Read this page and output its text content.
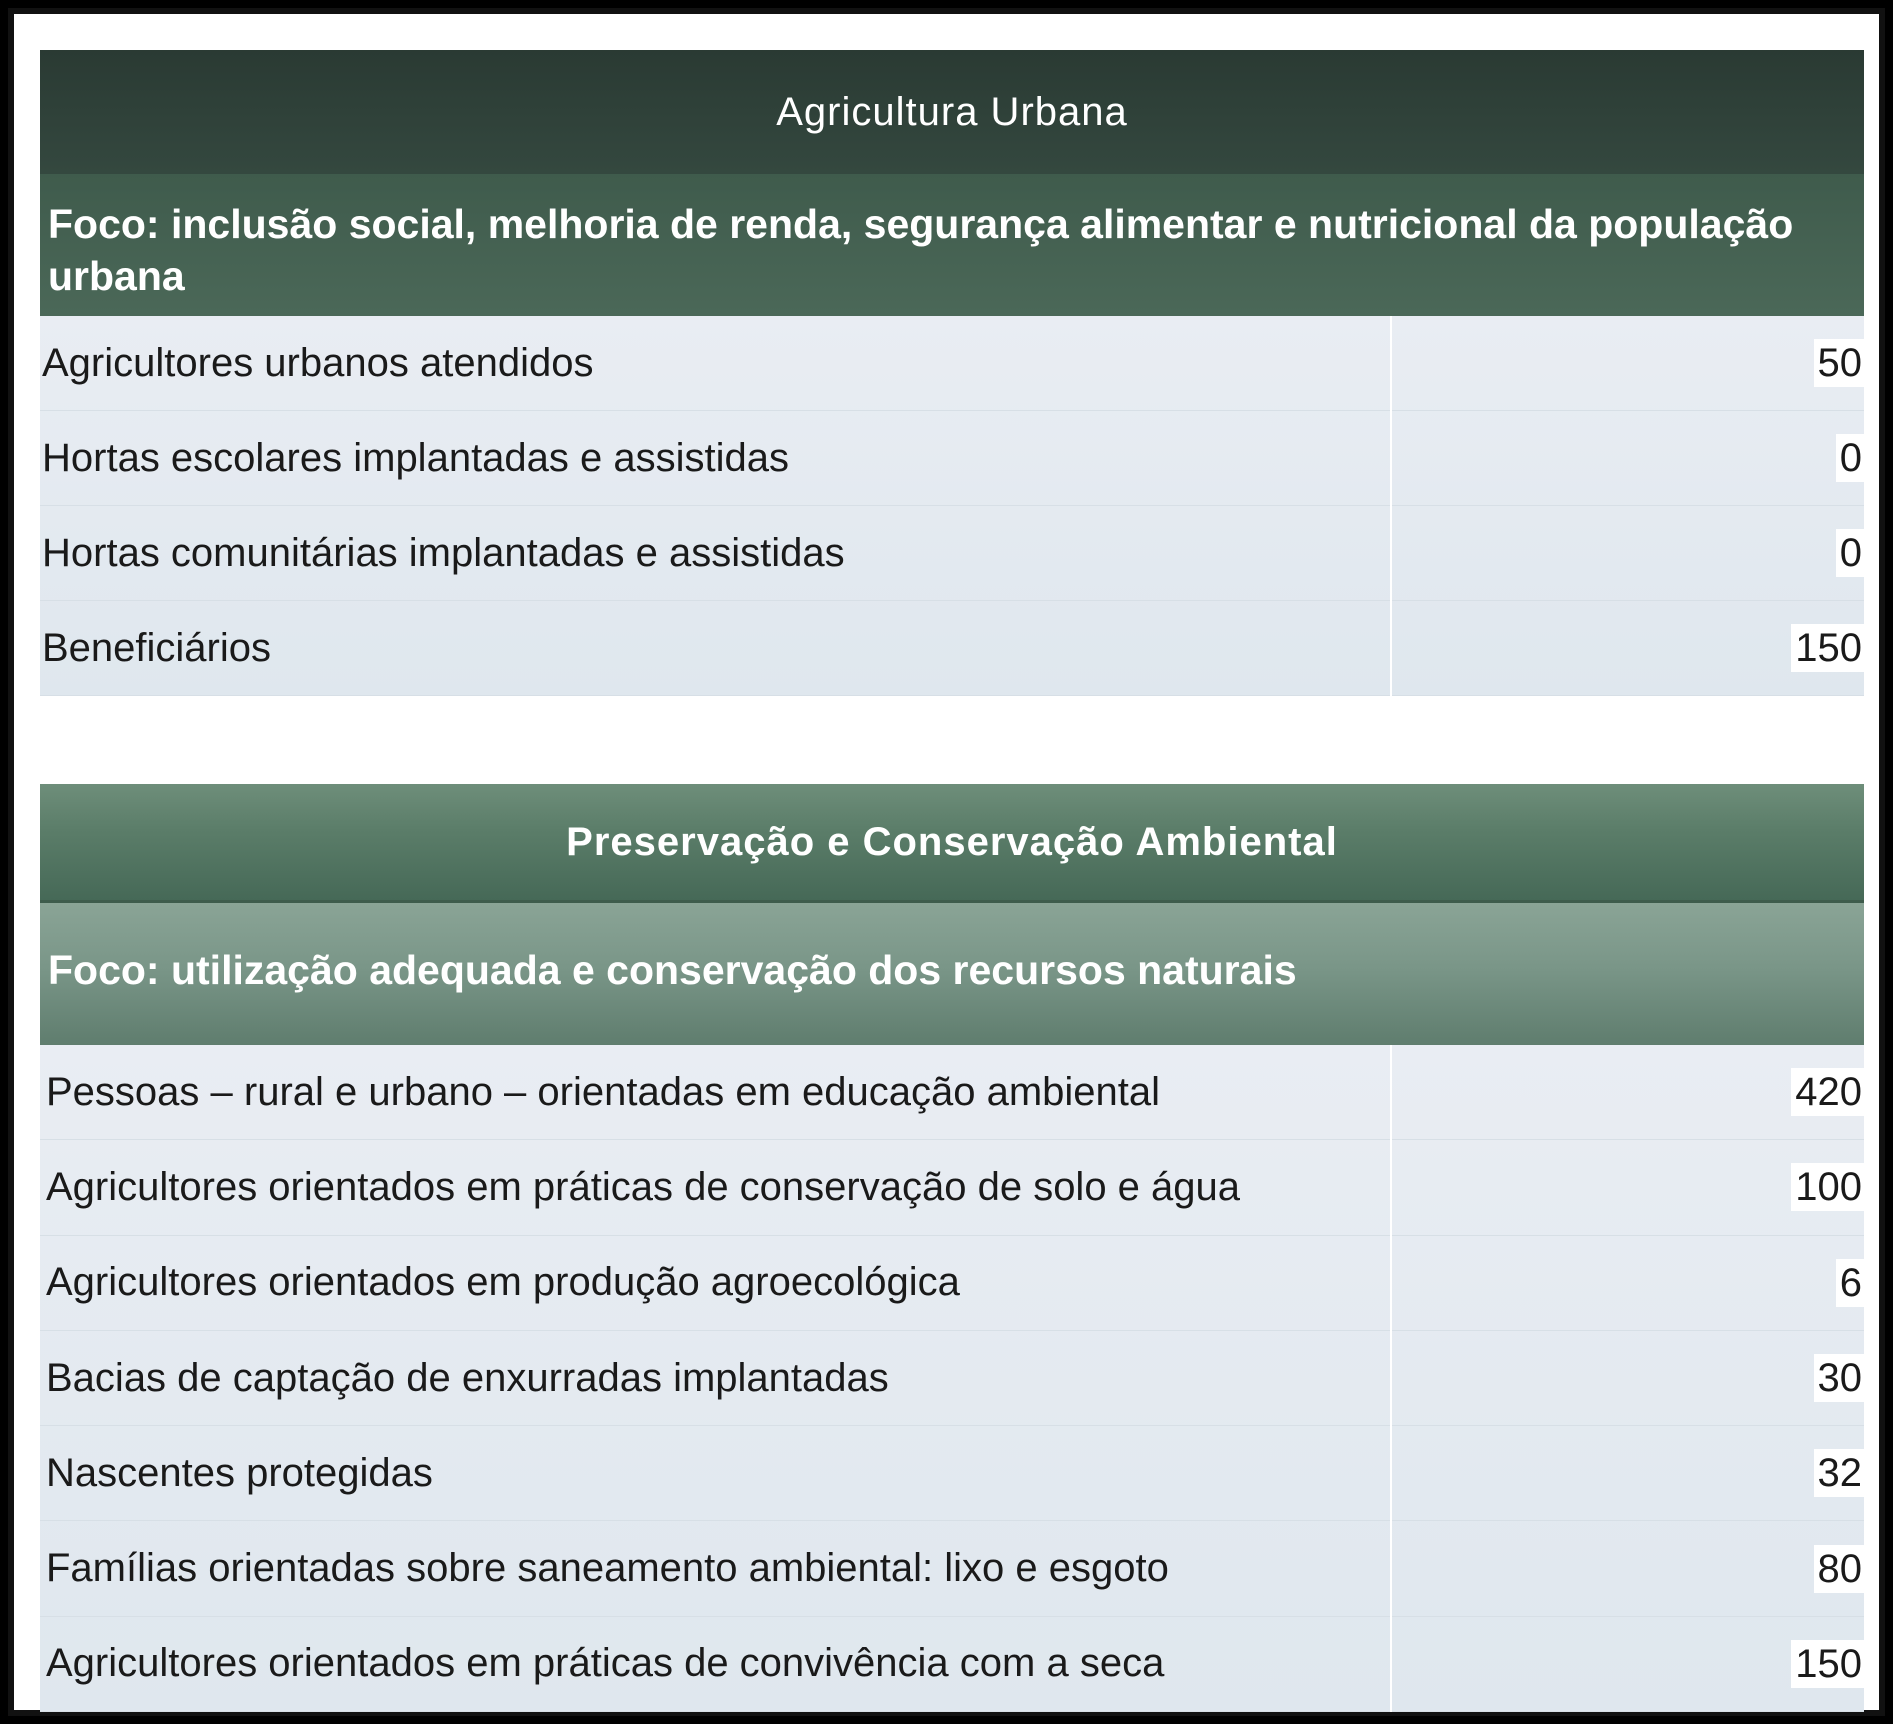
Agricultura Urbana
Foco: inclusão social, melhoria de renda, segurança alimentar e nutricional da população urbana
Agricultores urbanos atendidos	50
Hortas escolares implantadas e assistidas	0
Hortas comunitárias implantadas e assistidas	0
Beneficiários	150
Preservação e Conservação Ambiental
Foco: utilização adequada e conservação dos recursos naturais
Pessoas – rural e urbano – orientadas em educação ambiental	420
Agricultores orientados em práticas de conservação de solo e água	100
Agricultores orientados em produção agroecológica	6
Bacias de captação de enxurradas implantadas	30
Nascentes protegidas	32
Famílias orientadas sobre saneamento ambiental: lixo e esgoto	80
Agricultores orientados em práticas de convivência com a seca	150
